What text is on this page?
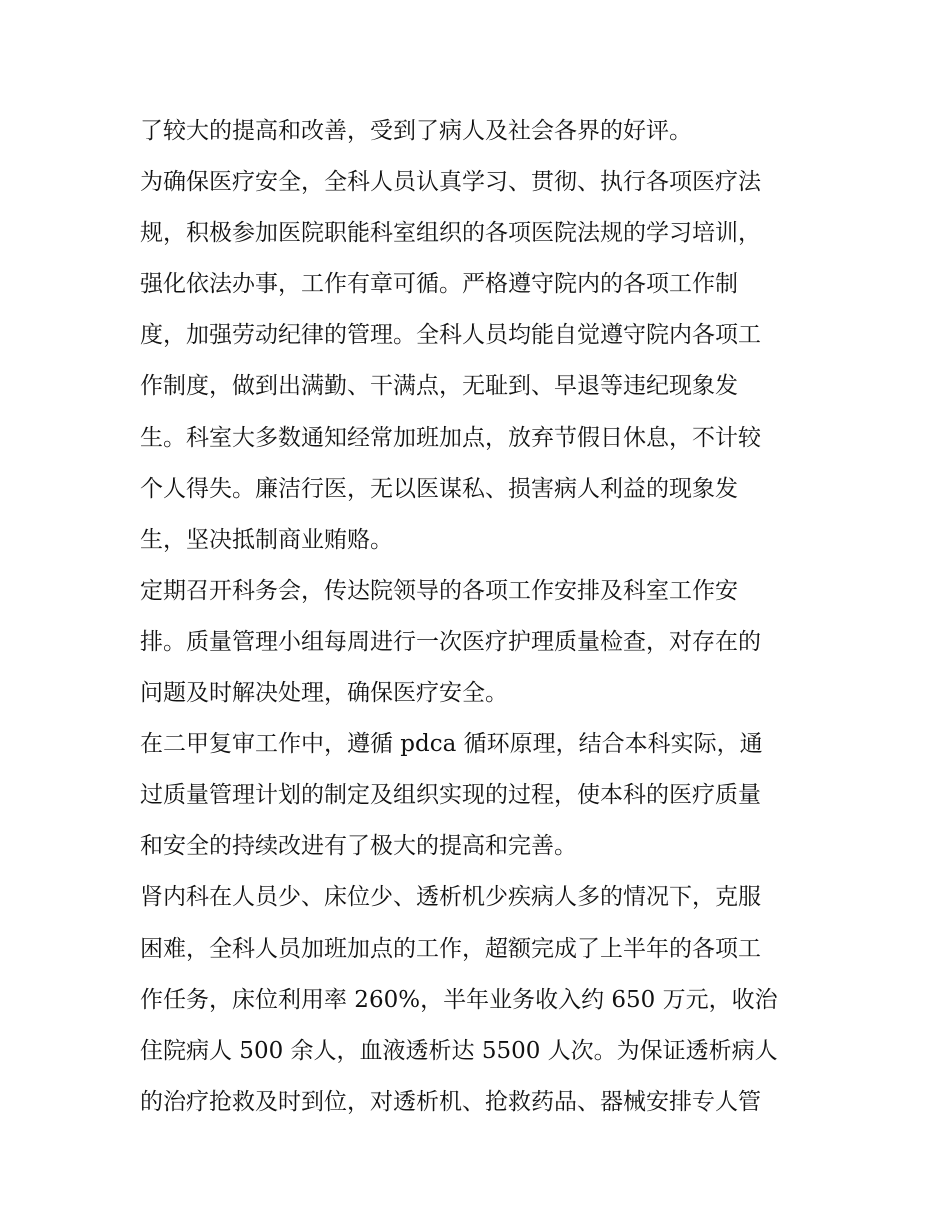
了较大的提高和改善，受到了病人及社会各界的好评。
为确保医疗安全，全科人员认真学习、贯彻、执行各项医疗法
规，积极参加医院职能科室组织的各项医院法规的学习培训，
强化依法办事，工作有章可循。严格遵守院内的各项工作制
度，加强劳动纪律的管理。全科人员均能自觉遵守院内各项工
作制度，做到出满勤、干满点，无耻到、早退等违纪现象发
生。科室大多数通知经常加班加点，放弃节假日休息，不计较
个人得失。廉洁行医，无以医谋私、损害病人利益的现象发
生，坚决抵制商业贿赂。
定期召开科务会，传达院领导的各项工作安排及科室工作安
排。质量管理小组每周进行一次医疗护理质量检查，对存在的
问题及时解决处理，确保医疗安全。
在二甲复审工作中，遵循 pdca 循环原理，结合本科实际，通
过质量管理计划的制定及组织实现的过程，使本科的医疗质量
和安全的持续改进有了极大的提高和完善。
肾内科在人员少、床位少、透析机少疾病人多的情况下，克服
困难，全科人员加班加点的工作，超额完成了上半年的各项工
作任务，床位利用率 260%，半年业务收入约 650 万元，收治
住院病人 500 余人，血液透析达 5500 人次。为保证透析病人
的治疗抢救及时到位，对透析机、抢救药品、器械安排专人管
